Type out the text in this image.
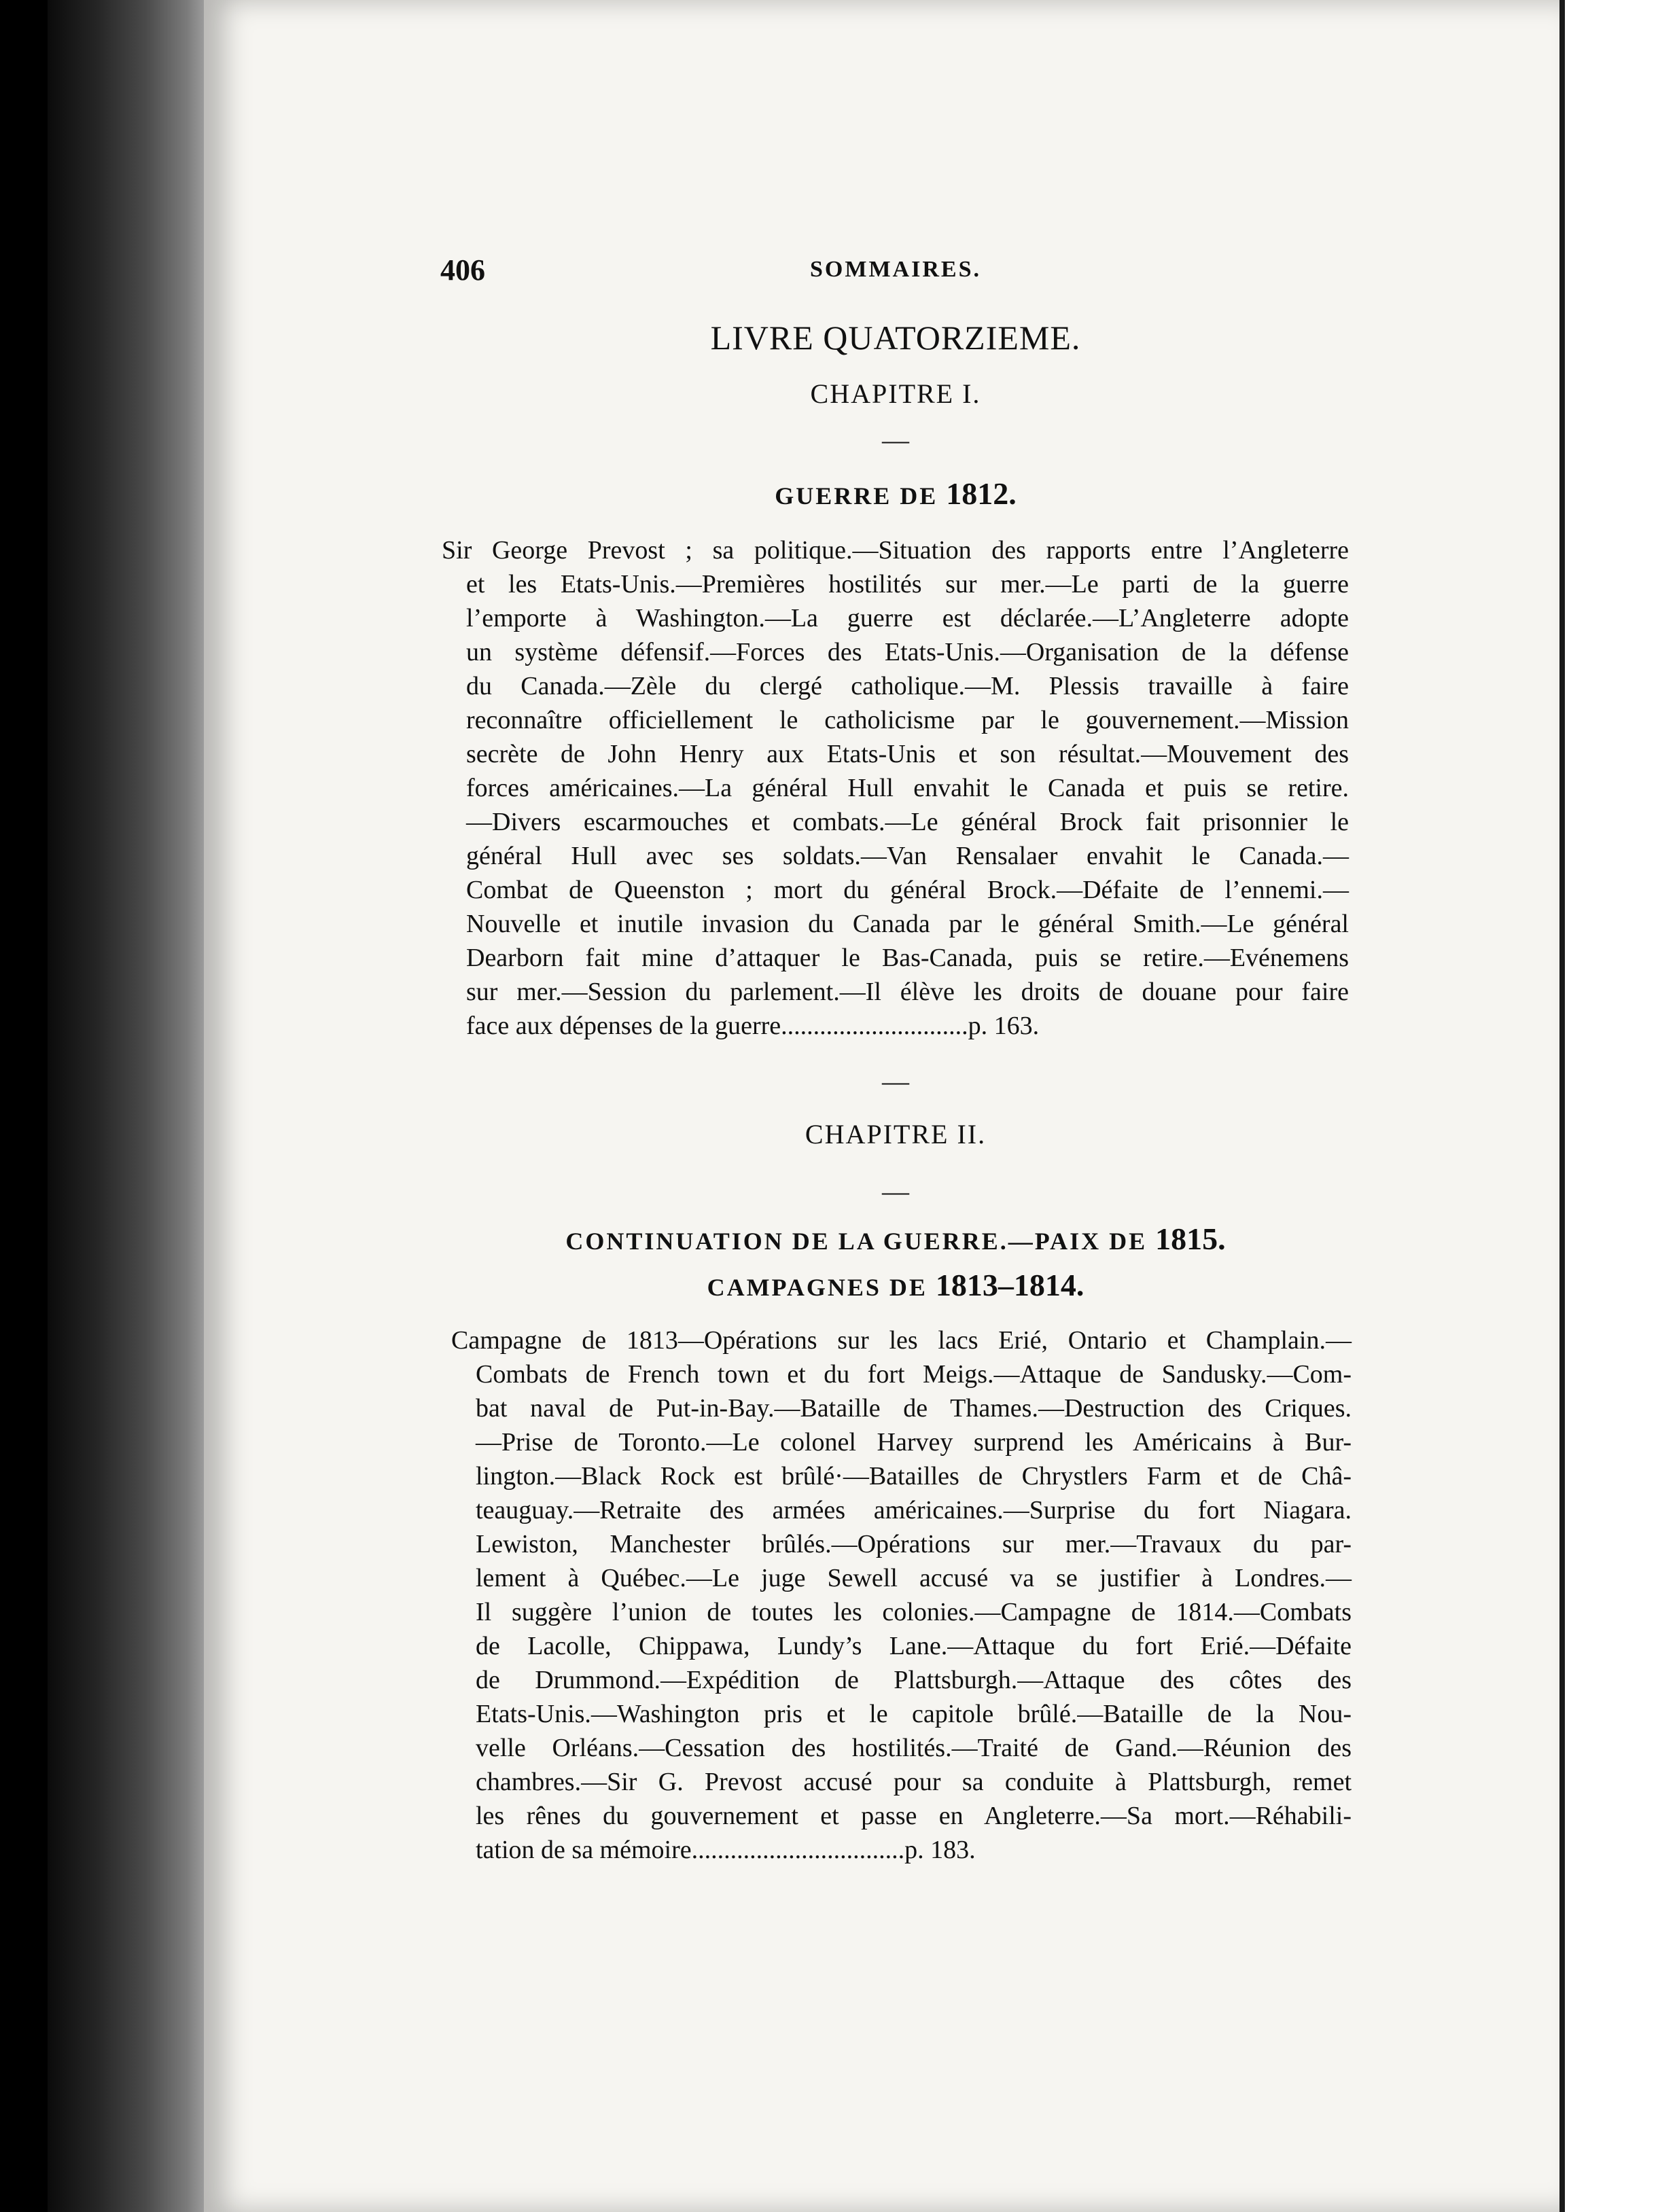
406	SOMMAIRES.
LIVRE QUATORZIEME.
CHAPITRE I.
—
GUERRE DE 1812.
Sir George Prevost ; sa politique.—Situation des rapports entre l’Angleterre
et les Etats-Unis.—Premières hostilités sur mer.—Le parti de la guerre
l’emporte à Washington.—La guerre est déclarée.—L’Angleterre adopte
un système défensif.—Forces des Etats-Unis.—Organisation de la défense
du Canada.—Zèle du clergé catholique.—M. Plessis travaille à faire
reconnaître officiellement le catholicisme par le gouvernement.—Mission
secrète de John Henry aux Etats-Unis et son résultat.—Mouvement des
forces américaines.—La général Hull envahit le Canada et puis se retire.
—Divers escarmouches et combats.—Le général Brock fait prisonnier le
général Hull avec ses soldats.—Van Rensalaer envahit le Canada.—
Combat de Queenston ; mort du général Brock.—Défaite de l’ennemi.—
Nouvelle et inutile invasion du Canada par le général Smith.—Le général
Dearborn fait mine d’attaquer le Bas-Canada, puis se retire.—Evénemens
sur mer.—Session du parlement.—Il élève les droits de douane pour faire
face aux dépenses de la guerre.............................p. 163.
—
CHAPITRE II.
—
CONTINUATION DE LA GUERRE.—PAIX DE 1815.
CAMPAGNES DE 1813–1814.
Campagne de 1813—Opérations sur les lacs Erié, Ontario et Champlain.—
Combats de French town et du fort Meigs.—Attaque de Sandusky.—Com-
bat naval de Put-in-Bay.—Bataille de Thames.—Destruction des Criques.
—Prise de Toronto.—Le colonel Harvey surprend les Américains à Bur-
lington.—Black Rock est brûlé·—Batailles de Chrystlers Farm et de Châ-
teauguay.—Retraite des armées américaines.—Surprise du fort Niagara.
Lewiston, Manchester brûlés.—Opérations sur mer.—Travaux du par-
lement à Québec.—Le juge Sewell accusé va se justifier à Londres.—
Il suggère l’union de toutes les colonies.—Campagne de 1814.—Combats
de Lacolle, Chippawa, Lundy’s Lane.—Attaque du fort Erié.—Défaite
de Drummond.—Expédition de Plattsburgh.—Attaque des côtes des
Etats-Unis.—Washington pris et le capitole brûlé.—Bataille de la Nou-
velle Orléans.—Cessation des hostilités.—Traité de Gand.—Réunion des
chambres.—Sir G. Prevost accusé pour sa conduite à Plattsburgh, remet
les rênes du gouvernement et passe en Angleterre.—Sa mort.—Réhabili-
tation de sa mémoire.................................p. 183.
